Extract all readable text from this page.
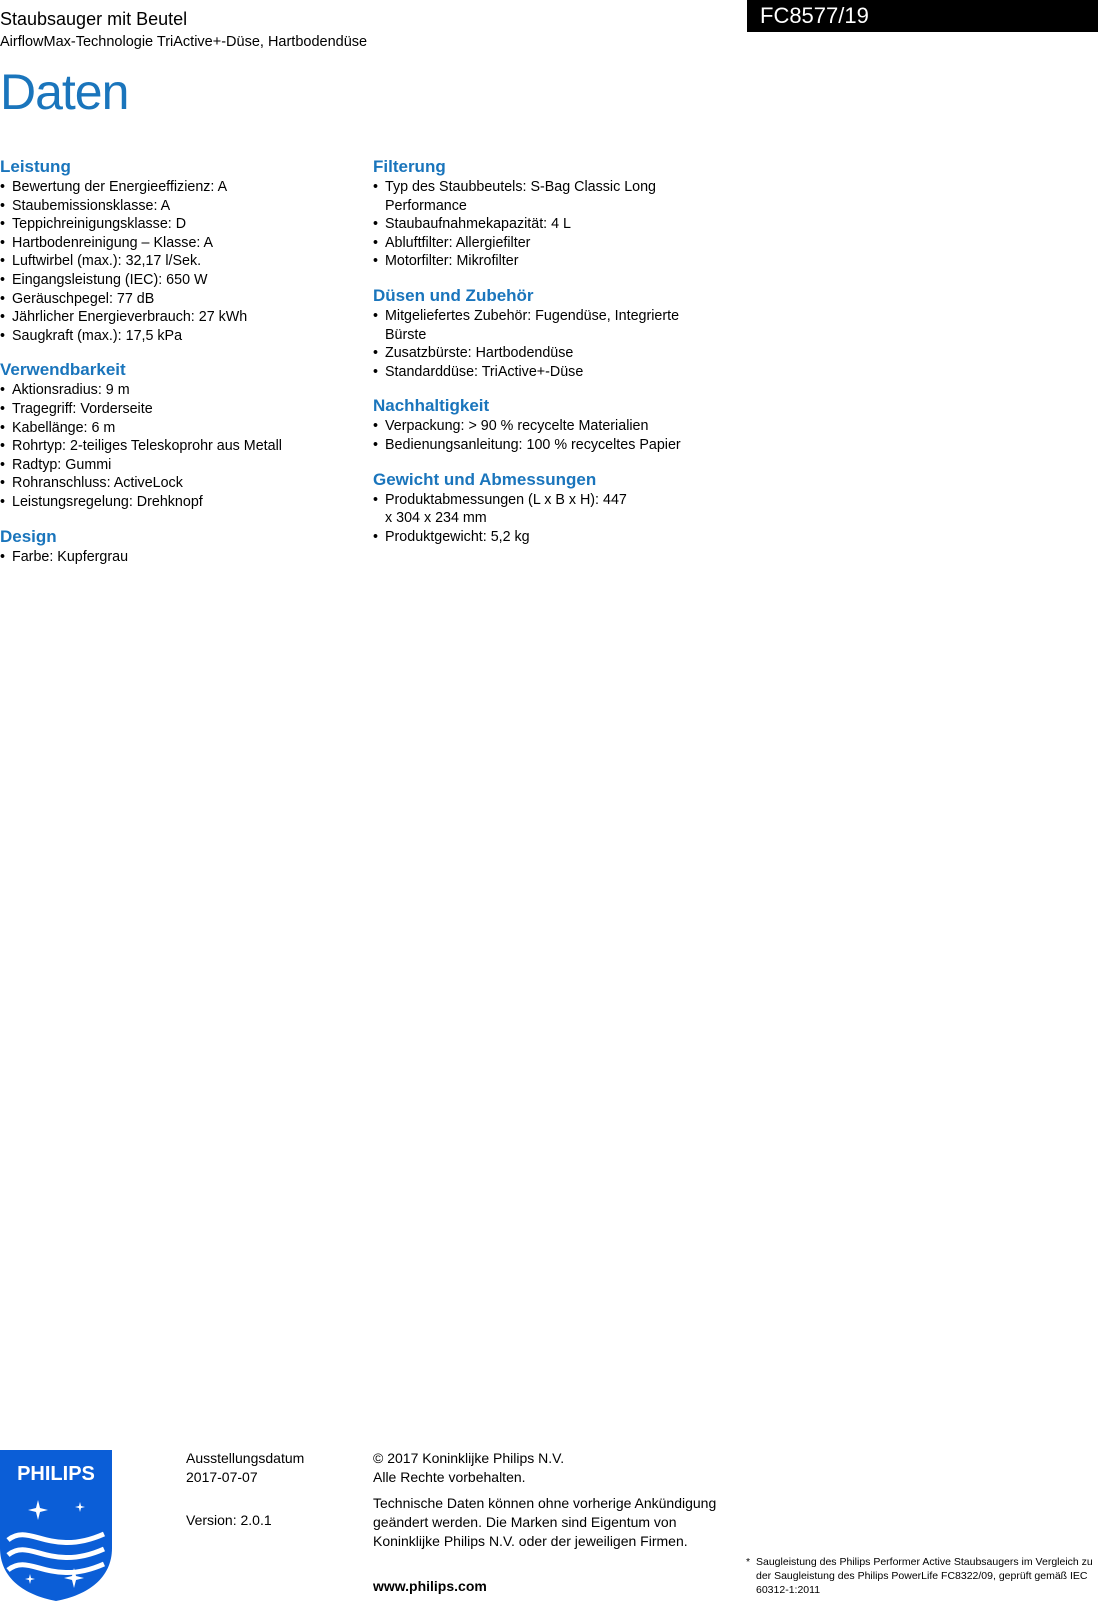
Staubsauger mit Beutel
AirflowMax-Technologie TriActive+-Düse, Hartbodendüse
FC8577/19
Daten
Leistung
• Bewertung der Energieeffizienz: A
• Staubemissionsklasse: A
• Teppichreinigungsklasse: D
• Hartbodenreinigung – Klasse: A
• Luftwirbel (max.): 32,17 l/Sek.
• Eingangsleistung (IEC): 650 W
• Geräuschpegel: 77 dB
• Jährlicher Energieverbrauch: 27 kWh
• Saugkraft (max.): 17,5 kPa
Verwendbarkeit
• Aktionsradius: 9 m
• Tragegriff: Vorderseite
• Kabellänge: 6 m
• Rohrtyp: 2-teiliges Teleskoprohr aus Metall
• Radtyp: Gummi
• Rohranschluss: ActiveLock
• Leistungsregelung: Drehknopf
Design
• Farbe: Kupfergrau
Filterung
• Typ des Staubbeutels: S-Bag Classic Long Performance
• Staubaufnahmekapazität: 4 L
• Abluftfilter: Allergiefilter
• Motorfilter: Mikrofilter
Düsen und Zubehör
• Mitgeliefertes Zubehör: Fugendüse, Integrierte Bürste
• Zusatzbürste: Hartbodendüse
• Standarddüse: TriActive+-Düse
Nachhaltigkeit
• Verpackung: > 90 % recycelte Materialien
• Bedienungsanleitung: 100 % recyceltes Papier
Gewicht und Abmessungen
• Produktabmessungen (L x B x H): 447 x 304 x 234 mm
• Produktgewicht: 5,2 kg
PHILIPS
Ausstellungsdatum
2017-07-07
Version: 2.0.1
© 2017 Koninklijke Philips N.V.
Alle Rechte vorbehalten.
Technische Daten können ohne vorherige Ankündigung geändert werden. Die Marken sind Eigentum von Koninklijke Philips N.V. oder der jeweiligen Firmen.
www.philips.com
* Saugleistung des Philips Performer Active Staubsaugers im Vergleich zu der Saugleistung des Philips PowerLife FC8322/09, geprüft gemäß IEC 60312-1:2011
